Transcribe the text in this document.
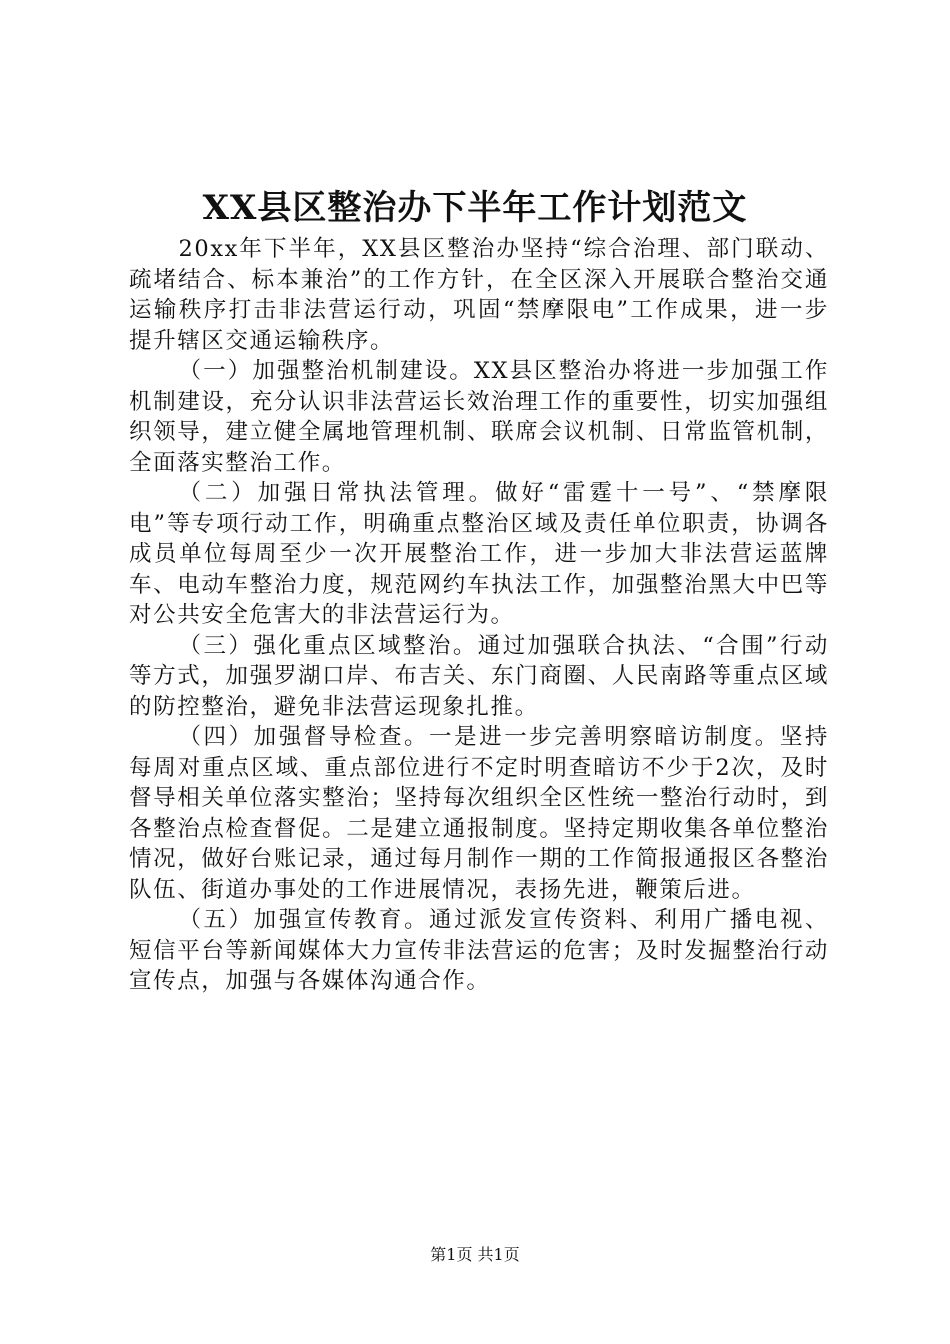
XX县区整治办下半年工作计划范文

20xx年下半年，XX县区整治办坚持“综合治理、部门联动、疏堵结合、标本兼治”的工作方针，在全区深入开展联合整治交通运输秩序打击非法营运行动，巩固“禁摩限电”工作成果，进一步提升辖区交通运输秩序。

（一）加强整治机制建设。XX县区整治办将进一步加强工作机制建设，充分认识非法营运长效治理工作的重要性，切实加强组织领导，建立健全属地管理机制、联席会议机制、日常监管机制，全面落实整治工作。

（二）加强日常执法管理。做好“雷霆十一号”、“禁摩限电”等专项行动工作，明确重点整治区域及责任单位职责，协调各成员单位每周至少一次开展整治工作，进一步加大非法营运蓝牌车、电动车整治力度，规范网约车执法工作，加强整治黑大中巴等对公共安全危害大的非法营运行为。

（三）强化重点区域整治。通过加强联合执法、“合围”行动等方式，加强罗湖口岸、布吉关、东门商圈、人民南路等重点区域的防控整治，避免非法营运现象扎推。

（四）加强督导检查。一是进一步完善明察暗访制度。坚持每周对重点区域、重点部位进行不定时明查暗访不少于2次，及时督导相关单位落实整治；坚持每次组织全区性统一整治行动时，到各整治点检查督促。二是建立通报制度。坚持定期收集各单位整治情况，做好台账记录，通过每月制作一期的工作简报通报区各整治队伍、街道办事处的工作进展情况，表扬先进，鞭策后进。

（五）加强宣传教育。通过派发宣传资料、利用广播电视、短信平台等新闻媒体大力宣传非法营运的危害；及时发掘整治行动宣传点，加强与各媒体沟通合作。

第1页 共1页
